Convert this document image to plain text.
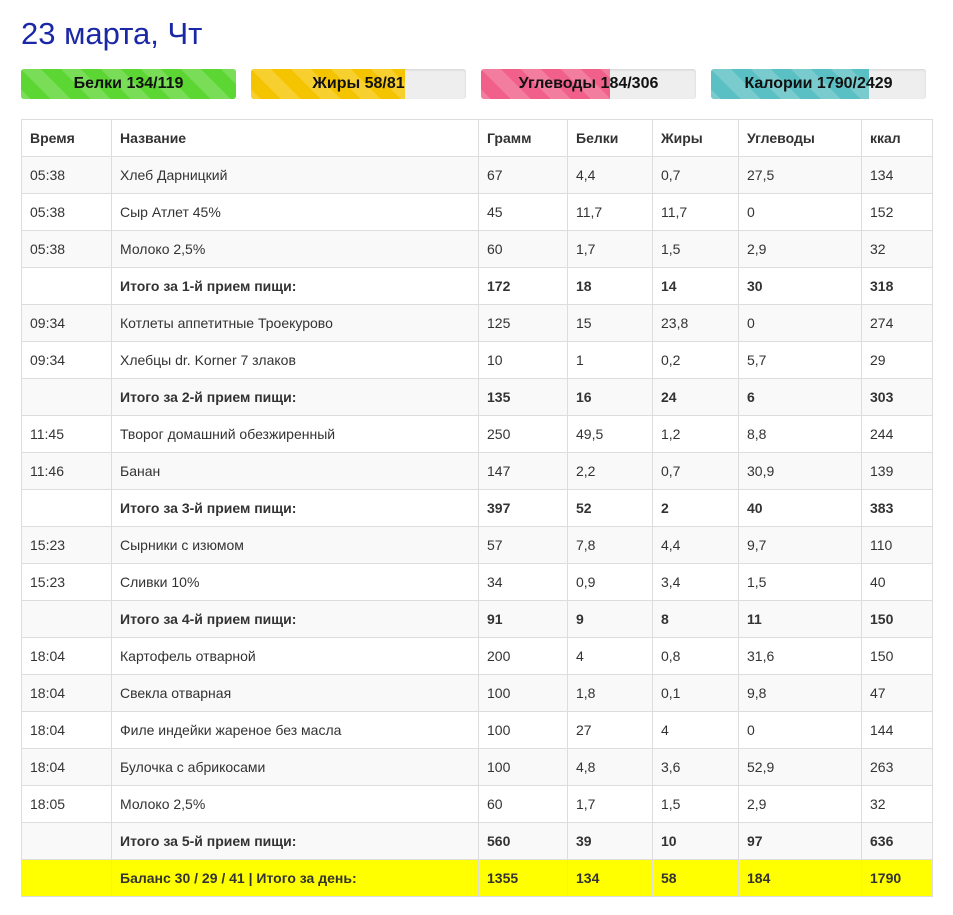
23 марта, Чт
Белки 134/119	Жиры 58/81	Углеводы 184/306	Калории 1790/2429
Время	Название	Грамм	Белки	Жиры	Углеводы	ккал
05:38	Хлеб Дарницкий	67	4,4	0,7	27,5	134
05:38	Сыр Атлет 45%	45	11,7	11,7	0	152
05:38	Молоко 2,5%	60	1,7	1,5	2,9	32
	Итого за 1-й прием пищи:	172	18	14	30	318
09:34	Котлеты аппетитные Троекурово	125	15	23,8	0	274
09:34	Хлебцы dr. Korner 7 злаков	10	1	0,2	5,7	29
	Итого за 2-й прием пищи:	135	16	24	6	303
11:45	Творог домашний обезжиренный	250	49,5	1,2	8,8	244
11:46	Банан	147	2,2	0,7	30,9	139
	Итого за 3-й прием пищи:	397	52	2	40	383
15:23	Сырники с изюмом	57	7,8	4,4	9,7	110
15:23	Сливки 10%	34	0,9	3,4	1,5	40
	Итого за 4-й прием пищи:	91	9	8	11	150
18:04	Картофель отварной	200	4	0,8	31,6	150
18:04	Свекла отварная	100	1,8	0,1	9,8	47
18:04	Филе индейки жареное без масла	100	27	4	0	144
18:04	Булочка с абрикосами	100	4,8	3,6	52,9	263
18:05	Молоко 2,5%	60	1,7	1,5	2,9	32
	Итого за 5-й прием пищи:	560	39	10	97	636
	Баланс 30 / 29 / 41 | Итого за день:	1355	134	58	184	1790
